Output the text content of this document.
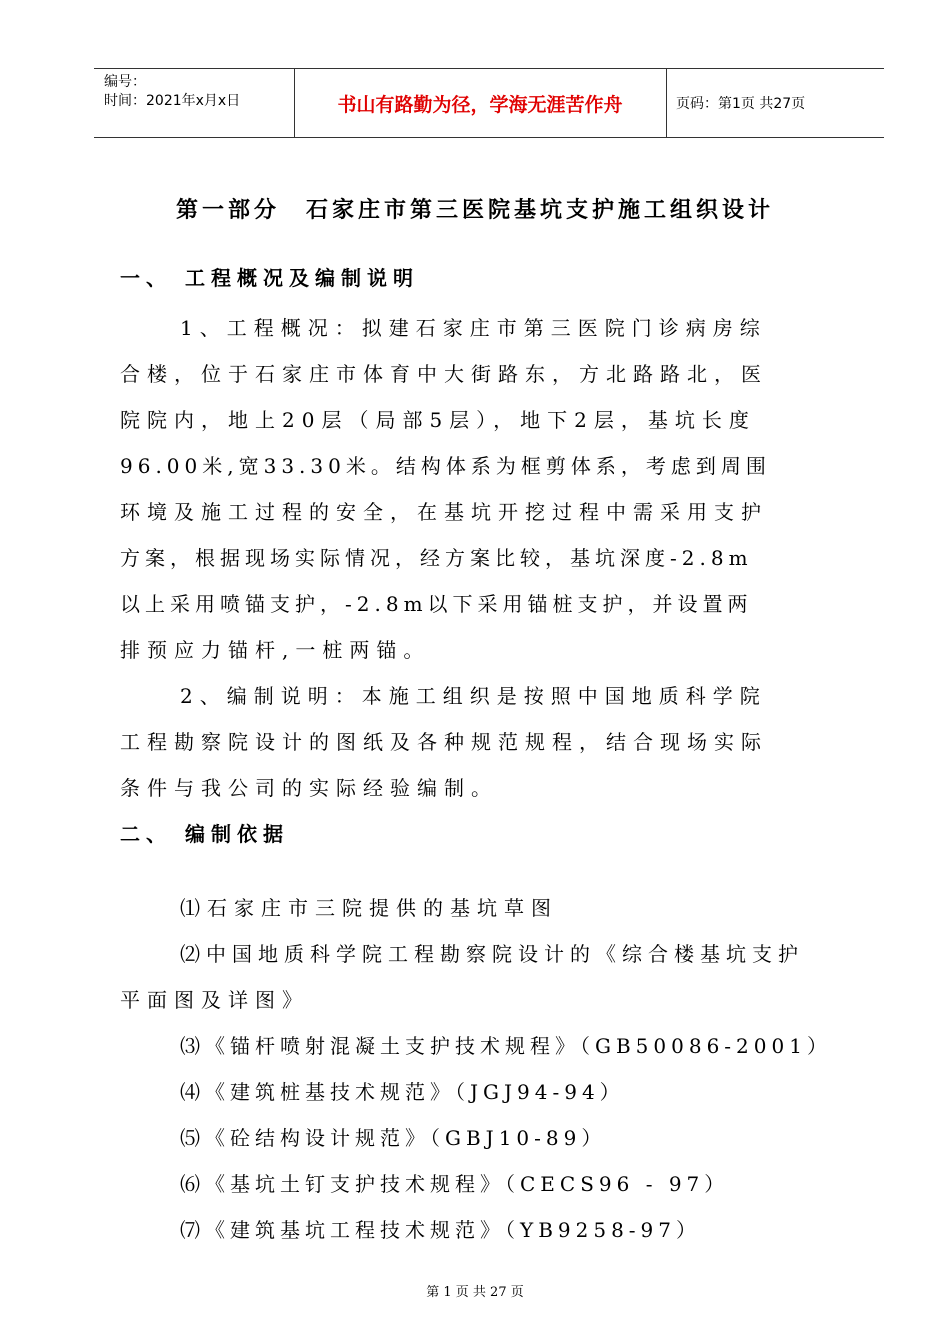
编号：
时间：2021年x月x日	书山有路勤为径，学海无涯苦作舟	页码：第1页 共27页
第一部分　石家庄市第三医院基坑支护施工组织设计
一、 工程概况及编制说明
1、工程概况：拟建石家庄市第三医院门诊病房综
合楼，位于石家庄市体育中大街路东，方北路路北，医
院院内，地上20层（局部5层），地下2层，基坑长度
96.00米,宽33.30米。结构体系为框剪体系，考虑到周围
环境及施工过程的安全，在基坑开挖过程中需采用支护
方案，根据现场实际情况，经方案比较，基坑深度-2.8m
以上采用喷锚支护，-2.8m以下采用锚桩支护，并设置两
排预应力锚杆,一桩两锚。
2、编制说明：本施工组织是按照中国地质科学院
工程勘察院设计的图纸及各种规范规程，结合现场实际
条件与我公司的实际经验编制。
二、 编制依据
⑴石家庄市三院提供的基坑草图
⑵中国地质科学院工程勘察院设计的《综合楼基坑支护
平面图及详图》
⑶《锚杆喷射混凝土支护技术规程》（GB50086-2001）
⑷《建筑桩基技术规范》（JGJ94-94）
⑸《砼结构设计规范》（GBJ10-89）
⑹《基坑土钉支护技术规程》（CECS96 - 97）
⑺《建筑基坑工程技术规范》（YB9258-97）
第 1 页 共 27 页
